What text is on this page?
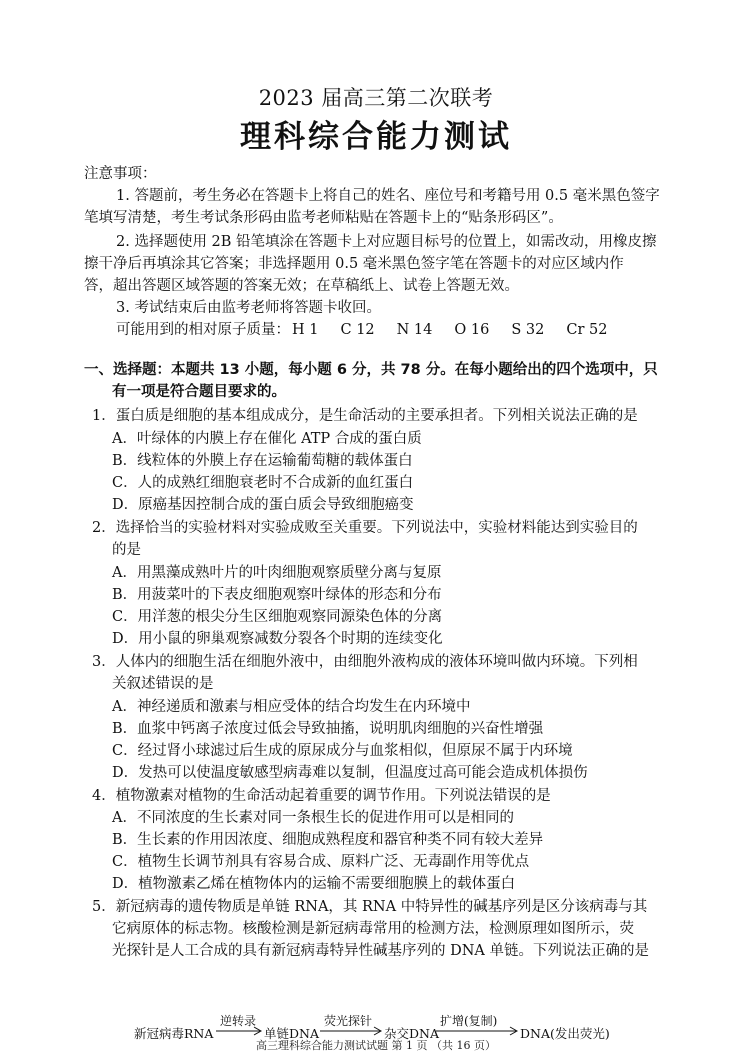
2023 届高三第二次联考
理科综合能力测试
注意事项：
1. 答题前，考生务必在答题卡上将自己的姓名、座位号和考籍号用 0.5 毫米黑色签字
笔填写清楚，考生考试条形码由监考老师粘贴在答题卡上的“贴条形码区”。
2. 选择题使用 2B 铅笔填涂在答题卡上对应题目标号的位置上，如需改动，用橡皮擦
擦干净后再填涂其它答案；非选择题用 0.5 毫米黑色签字笔在答题卡的对应区域内作
答，超出答题区域答题的答案无效；在草稿纸上、试卷上答题无效。
3. 考试结束后由监考老师将答题卡收回。
可能用到的相对原子质量： H 1 C 12 N 14 O 16 S 32 Cr 52
一、选择题：本题共 13 小题，每小题 6 分，共 78 分。在每小题给出的四个选项中，只
有一项是符合题目要求的。
1．蛋白质是细胞的基本组成成分，是生命活动的主要承担者。下列相关说法正确的是
A．叶绿体的内膜上存在催化 ATP 合成的蛋白质
B．线粒体的外膜上存在运输葡萄糖的载体蛋白
C．人的成熟红细胞衰老时不合成新的血红蛋白
D．原癌基因控制合成的蛋白质会导致细胞癌变
2．选择恰当的实验材料对实验成败至关重要。下列说法中，实验材料能达到实验目的
的是
A．用黑藻成熟叶片的叶肉细胞观察质壁分离与复原
B．用菠菜叶的下表皮细胞观察叶绿体的形态和分布
C．用洋葱的根尖分生区细胞观察同源染色体的分离
D．用小鼠的卵巢观察减数分裂各个时期的连续变化
3．人体内的细胞生活在细胞外液中，由细胞外液构成的液体环境叫做内环境。下列相
关叙述错误的是
A．神经递质和激素与相应受体的结合均发生在内环境中
B．血浆中钙离子浓度过低会导致抽搐，说明肌肉细胞的兴奋性增强
C．经过肾小球滤过后生成的原尿成分与血浆相似，但原尿不属于内环境
D．发热可以使温度敏感型病毒难以复制，但温度过高可能会造成机体损伤
4．植物激素对植物的生命活动起着重要的调节作用。下列说法错误的是
A．不同浓度的生长素对同一条根生长的促进作用可以是相同的
B．生长素的作用因浓度、细胞成熟程度和器官种类不同有较大差异
C．植物生长调节剂具有容易合成、原料广泛、无毒副作用等优点
D．植物激素乙烯在植物体内的运输不需要细胞膜上的载体蛋白
5．新冠病毒的遗传物质是单链 RNA，其 RNA 中特异性的碱基序列是区分该病毒与其
它病原体的标志物。核酸检测是新冠病毒常用的检测方法，检测原理如图所示，荧
光探针是人工合成的具有新冠病毒特异性碱基序列的 DNA 单链。下列说法正确的是
新冠病毒RNA
逆转录
单链DNA
荧光探针
杂交DNA
扩增(复制)
DNA(发出荧光)
高三理科综合能力测试试题 第 1 页 （共 16 页）
